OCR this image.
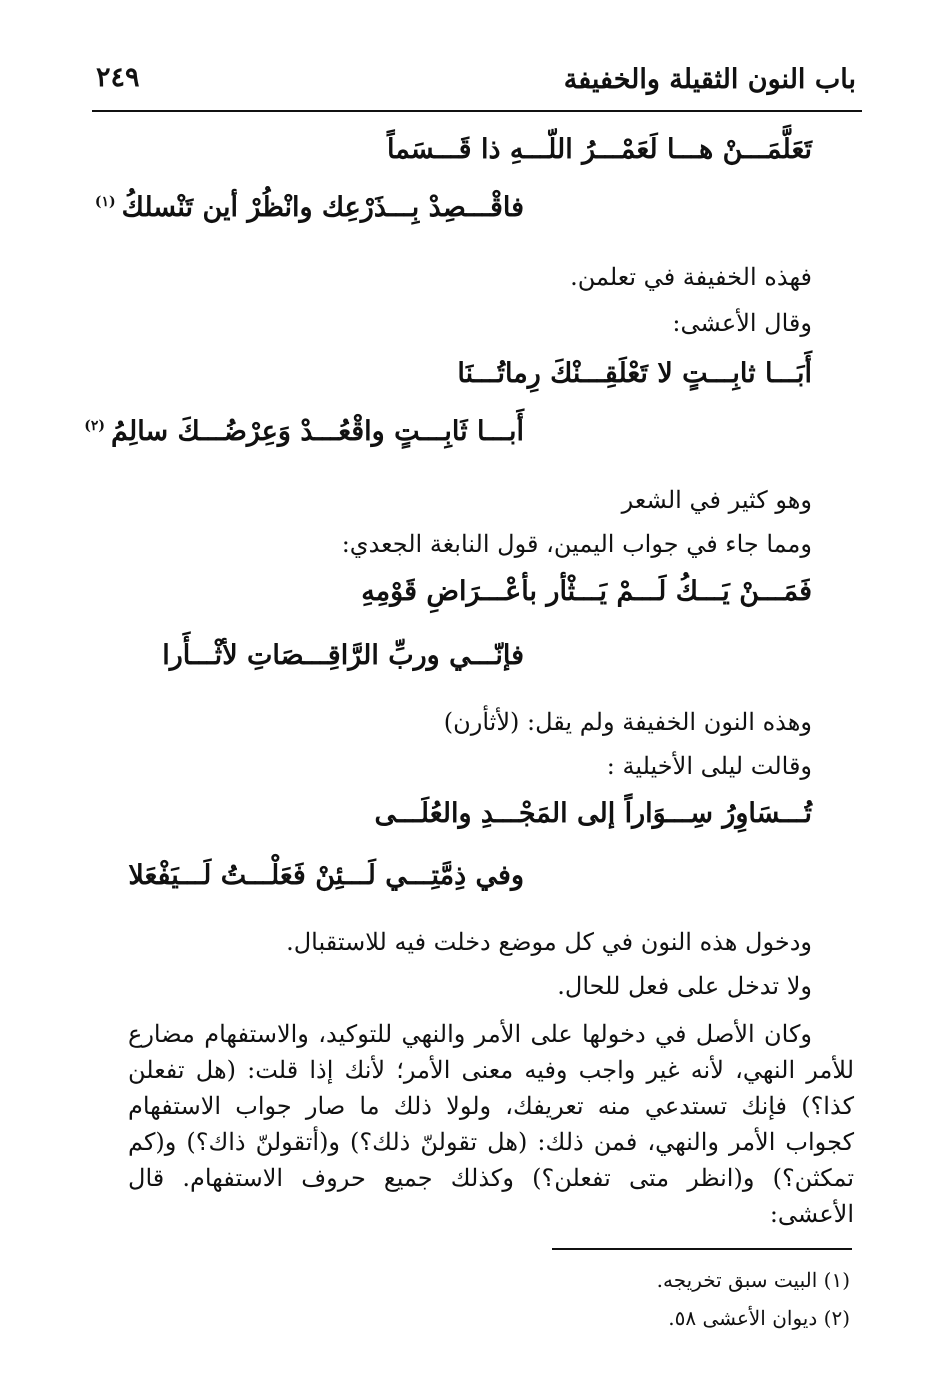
باب النون الثقيلة والخفيفة
٢٤٩
تَعَلَّمَـــنْ هـــا لَعَمْـــرُ اللّـــهِ ذا قَـــسَماً
فاقْـــصِدْ بِـــذَرْعِك وانْظُرْ أين تَنْسلكُ$^{(١)}$
فهذه الخفيفة في تعلمن.
وقال الأعشى:
أَبَـــا ثابِـــتٍ لا تَعْلَقِـــنْكَ رِماتُـــنَا
أَبـــا ثَابِـــتٍ واقْعُـــدْ وَعِرْضُـــكَ سالِمُ$^{(٢)}$
وهو كثير في الشعر
ومما جاء في جواب اليمين، قول النابغة الجعدي:
فَمَـــنْ يَـــكُ لَـــمْ يَـــثْأر بأعْـــرَاضِ قَوْمِهِ
فإنّـــي وربِّ الرَّاقِـــصَاتِ لأثْـــأَرا
وهذه النون الخفيفة ولم يقل: (لأثأرن)
وقالت ليلى الأخيلية :
تُـــسَاوِرُ سِـــوَاراً إلى المَجْـــدِ والعُلَـــى
وفي ذِمَّتِـــي لَـــئِنْ فَعَلْـــتُ لَـــيَفْعَلا
ودخول هذه النون في كل موضع دخلت فيه للاستقبال.
ولا تدخل على فعل للحال.
وكان الأصل في دخولها على الأمر والنهي للتوكيد، والاستفهام مضارع للأمر النهي، لأنه غير واجب وفيه معنى الأمر؛ لأنك إذا قلت: (هل تفعلن كذا؟) فإنك تستدعي منه تعريفك، ولولا ذلك ما صار جواب الاستفهام كجواب الأمر والنهي، فمن ذلك: (هل تقولنّ ذلك؟) و(أتقولنّ ذاك؟) و(كم تمكثن؟) و(انظر متى تفعلن؟) وكذلك جميع حروف الاستفهام. قال الأعشى:
(١) البيت سبق تخريجه.
(٢) ديوان الأعشى ٥٨.
